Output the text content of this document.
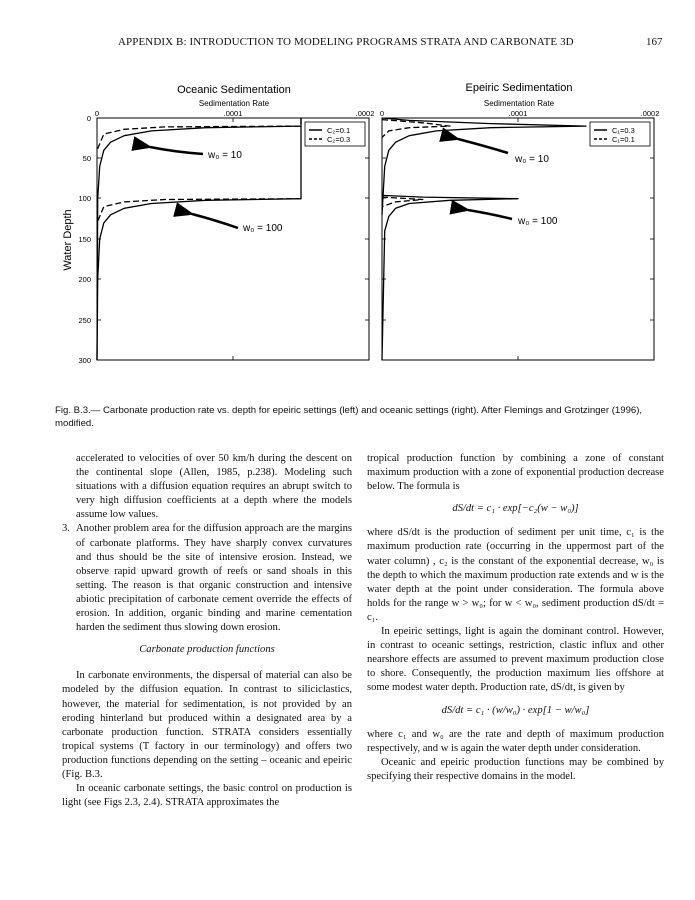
APPENDIX B: INTRODUCTION TO MODELING PROGRAMS STRATA AND CARBONATE 3D	167
Oceanic Sedimentation
Sedimentation Rate
Epeiric Sedimentation
Sedimentation Rate
0	.0001	.0002 0	.0001	.0002
0
50
100
150
200
250
300
Water Depth
C₂=0.1
C₂=0.3
C₁=0.3
C₁=0.1
w₀ = 10
w₀ = 100
w₀ = 10
w₀ = 100
Fig. B.3.— Carbonate production rate vs. depth for epeiric settings (left) and oceanic settings (right). After Flemings and Grotzinger (1996), modified.

accelerated to velocities of over 50 km/h during the descent on the continental slope (Allen, 1985, p.238). Modeling such situations with a diffusion equation requires an abrupt switch to very high diffusion coefficients at a depth where the models assume low values.

3. Another problem area for the diffusion approach are the margins of carbonate platforms. They have sharply convex curvatures and thus should be the site of intensive erosion. Instead, we observe rapid upward growth of reefs or sand shoals in this setting. The reason is that organic construction and intensive abiotic precipitation of carbonate cement override the effects of erosion. In addition, organic binding and marine cementation harden the sediment thus slowing down erosion.

Carbonate production functions

In carbonate environments, the dispersal of material can also be modeled by the diffusion equation. In contrast to siliciclastics, however, the material for sedimentation, is not provided by an eroding hinterland but produced within a designated area by a carbonate production function. STRATA considers essentially tropical systems (T factory in our terminology) and offers two production functions depending on the setting – oceanic and epeiric (Fig. B.3.

In oceanic carbonate settings, the basic control on production is light (see Figs 2.3, 2.4). STRATA approximates the

tropical production function by combining a zone of constant maximum production with a zone of exponential production decrease below. The formula is

dS/dt = c₁ · exp[−c₂(w − w₀)]

where dS/dt is the production of sediment per unit time, c₁ is the maximum production rate (occurring in the uppermost part of the water column) , c₂ is the constant of the exponential decrease, w₀ is the depth to which the maximum production rate extends and w is the water depth at the point under consideration. The formula above holds for the range w > w₀; for w < w₀, sediment production dS/dt = c₁.

In epeiric settings, light is again the dominant control. However, in contrast to oceanic settings, restriction, clastic influx and other nearshore effects are assumed to prevent maximum production close to shore. Consequently, the production maximum lies offshore at some modest water depth. Production rate, dS/dt, is given by

dS/dt = c₁ · (w/w₀) · exp[1 − w/w₀]

where c₁ and w₀ are the rate and depth of maximum production respectively, and w is again the water depth under consideration.

Oceanic and epeiric production functions may be combined by specifying their respective domains in the model.
